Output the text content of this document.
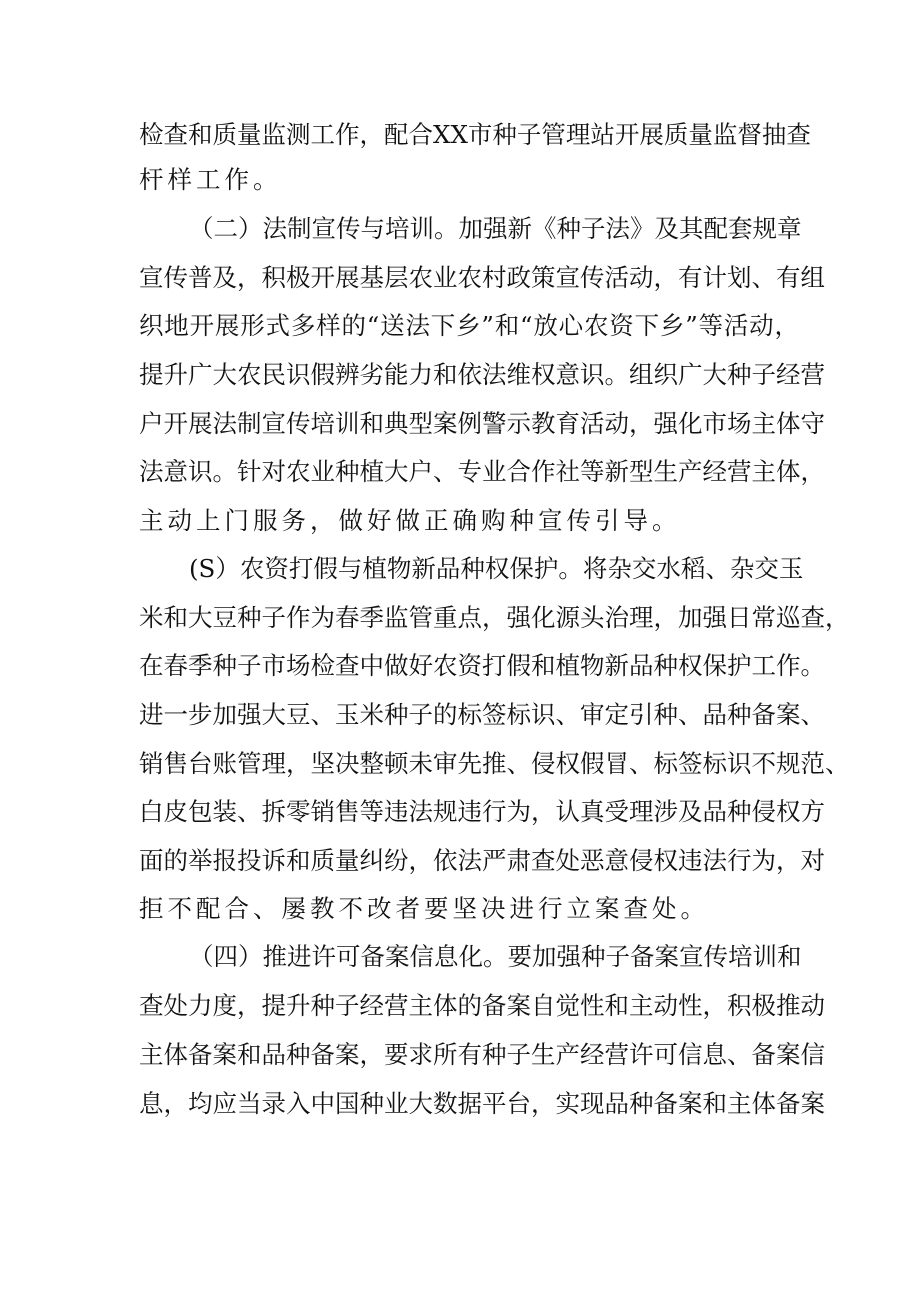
检查和质量监测工作，配合XX市种子管理站开展质量监督抽查
杆样工作。
（二）法制宣传与培训。加强新《种子法》及其配套规章
宣传普及，积极开展基层农业农村政策宣传活动，有计划、有组
织地开展形式多样的“送法下乡”和“放心农资下乡”等活动，
提升广大农民识假辨劣能力和依法维权意识。组织广大种子经营
户开展法制宣传培训和典型案例警示教育活动，强化市场主体守
法意识。针对农业种植大户、专业合作社等新型生产经营主体，
主动上门服务，做好做正确购种宣传引导。
(S）农资打假与植物新品种权保护。将杂交水稻、杂交玉
米和大豆种子作为春季监管重点，强化源头治理，加强日常巡查，
在春季种子市场检查中做好农资打假和植物新品种权保护工作。
进一步加强大豆、玉米种子的标签标识、审定引种、品种备案、
销售台账管理，坚决整顿未审先推、侵权假冒、标签标识不规范、
白皮包装、拆零销售等违法规违行为，认真受理涉及品种侵权方
面的举报投诉和质量纠纷，依法严肃查处恶意侵权违法行为，对
拒不配合、屡教不改者要坚决进行立案查处。
（四）推进许可备案信息化。要加强种子备案宣传培训和
查处力度，提升种子经营主体的备案自觉性和主动性，积极推动
主体备案和品种备案，要求所有种子生产经营许可信息、备案信
息，均应当录入中国种业大数据平台，实现品种备案和主体备案
